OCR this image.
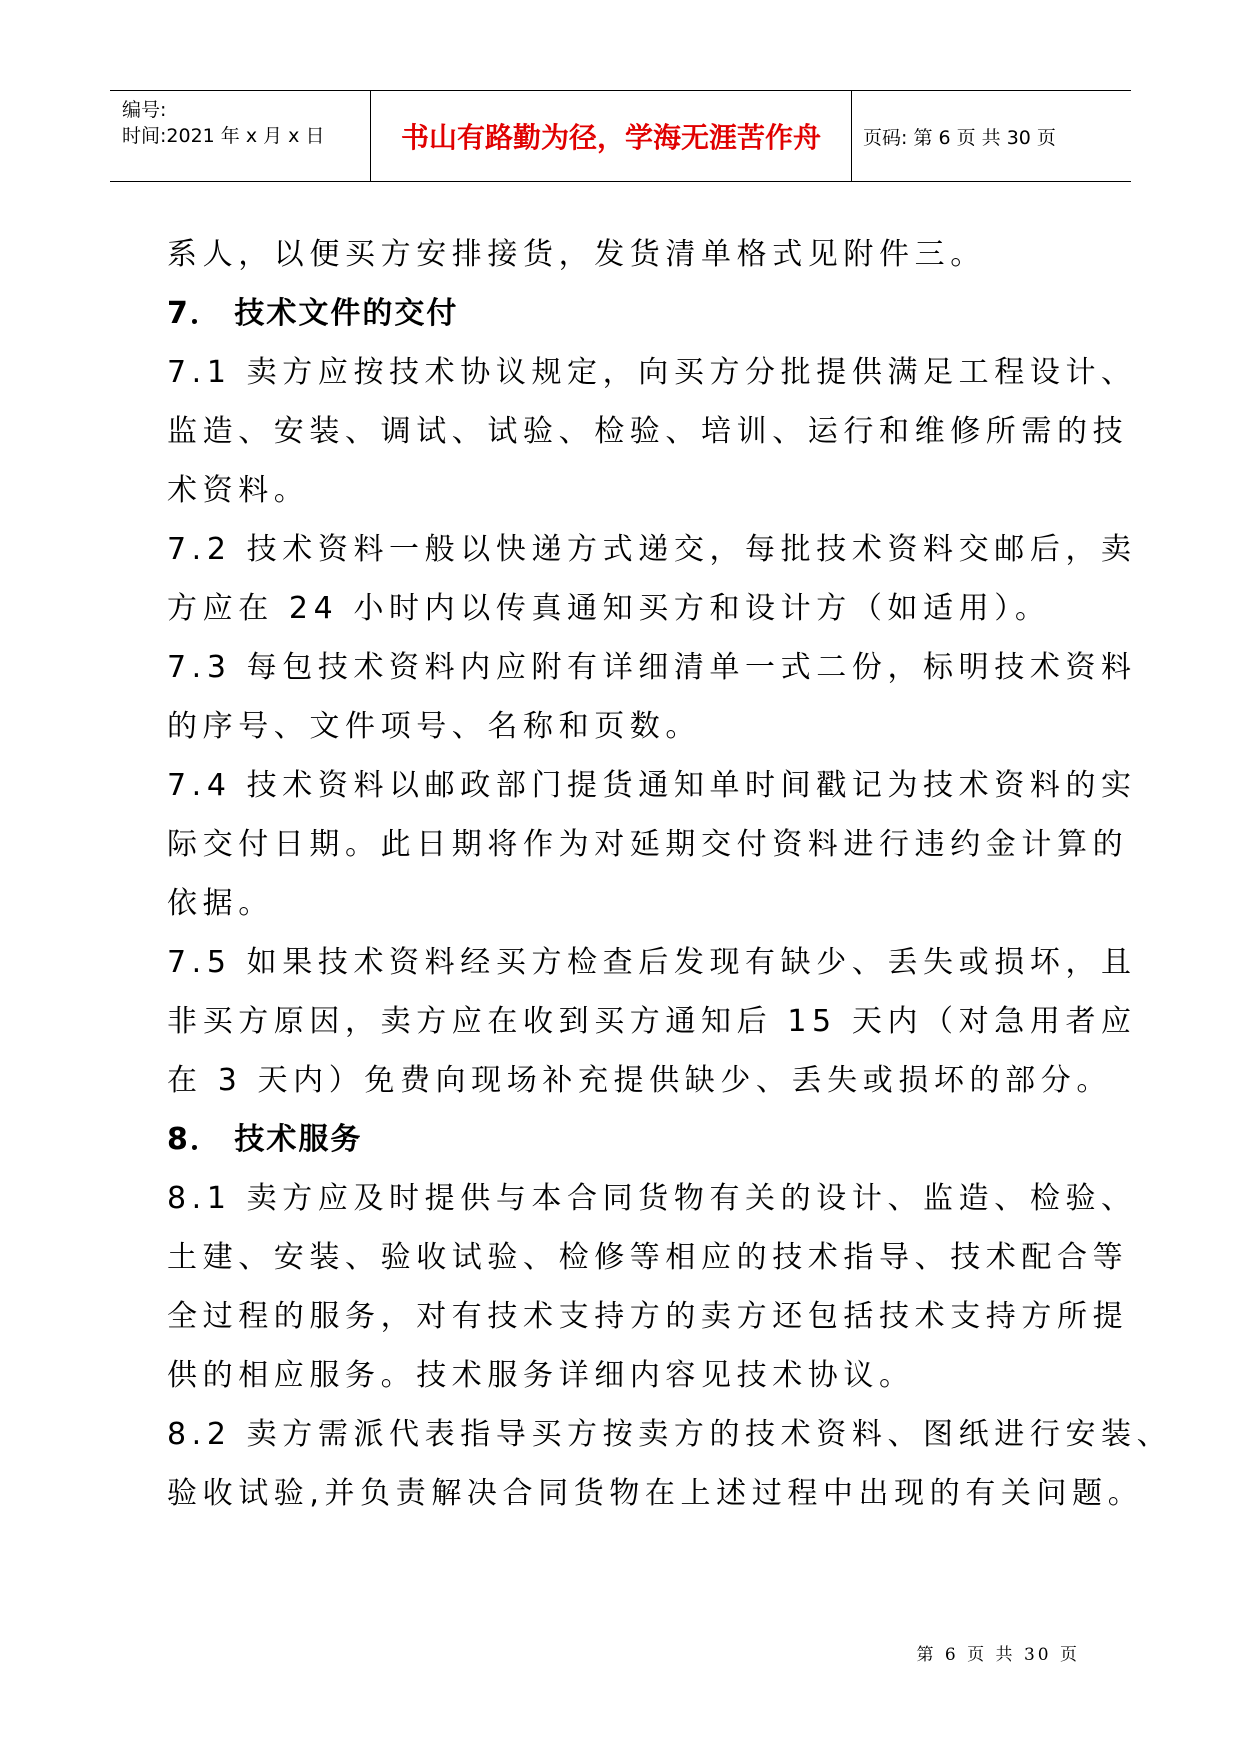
编号:
时间:2021 年 x 月 x 日	书山有路勤为径，学海无涯苦作舟 页码: 第 6 页 共 30 页
系人，以便买方安排接货，发货清单格式见附件三。
7． 技术文件的交付
7.1 卖方应按技术协议规定，向买方分批提供满足工程设计、
监造、安装、调试、试验、检验、培训、运行和维修所需的技
术资料。
7.2 技术资料一般以快递方式递交，每批技术资料交邮后，卖
方应在 24 小时内以传真通知买方和设计方（如适用）。
7.3 每包技术资料内应附有详细清单一式二份，标明技术资料
的序号、文件项号、名称和页数。
7.4 技术资料以邮政部门提货通知单时间戳记为技术资料的实
际交付日期。此日期将作为对延期交付资料进行违约金计算的
依据。
7.5 如果技术资料经买方检查后发现有缺少、丢失或损坏，且
非买方原因，卖方应在收到买方通知后 15 天内（对急用者应
在 3 天内）免费向现场补充提供缺少、丢失或损坏的部分。
8． 技术服务
8.1 卖方应及时提供与本合同货物有关的设计、监造、检验、
土建、安装、验收试验、检修等相应的技术指导、技术配合等
全过程的服务，对有技术支持方的卖方还包括技术支持方所提
供的相应服务。技术服务详细内容见技术协议。
8.2 卖方需派代表指导买方按卖方的技术资料、图纸进行安装、
验收试验,并负责解决合同货物在上述过程中出现的有关问题。
第 6 页 共 30 页
